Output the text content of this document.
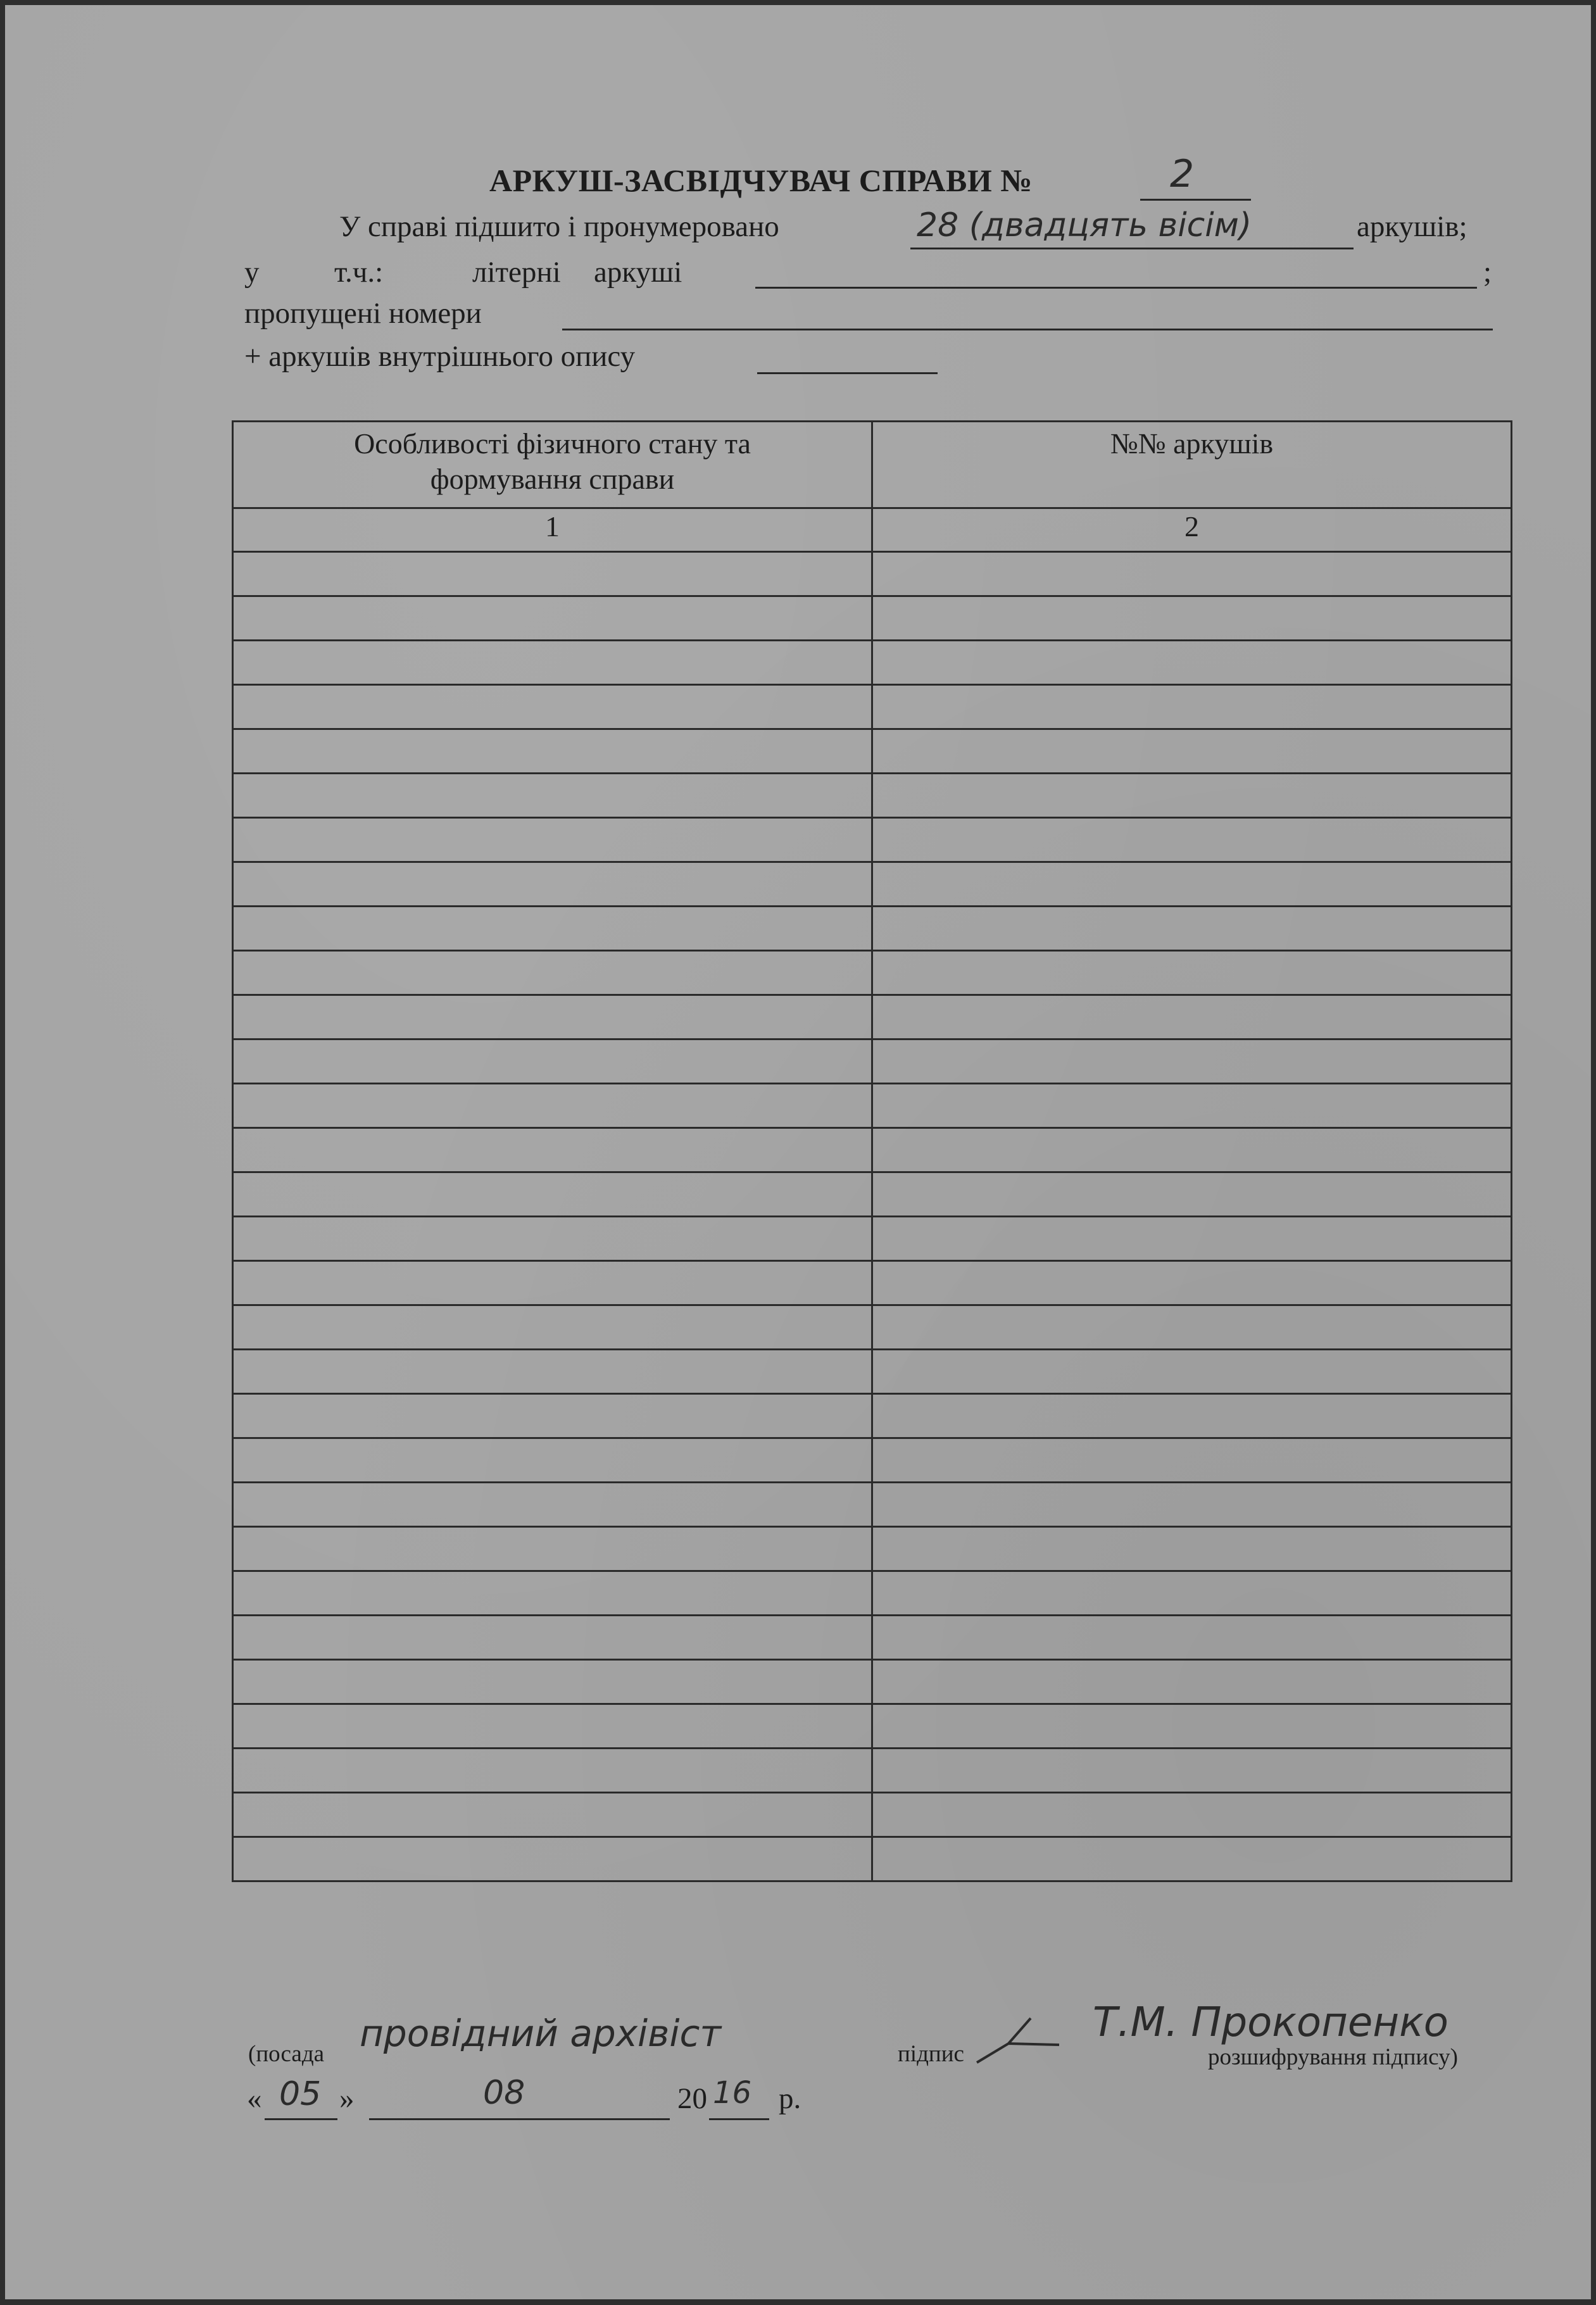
АРКУШ-ЗАСВІДЧУВАЧ СПРАВИ №	2
У справі підшито і пронумеровано	28 (двадцять вісім)	аркушів;
у	т.ч.:	літерні аркуші	;
пропущені номери
+ аркушів внутрішнього опису
Особливості фізичного стану та
формування справи	№№ аркушів
1	2

(посада провідний архівіст	підпис
Т.М. Прокопенко
розшифрування підпису)
« 05 »	08	20 16 р.
